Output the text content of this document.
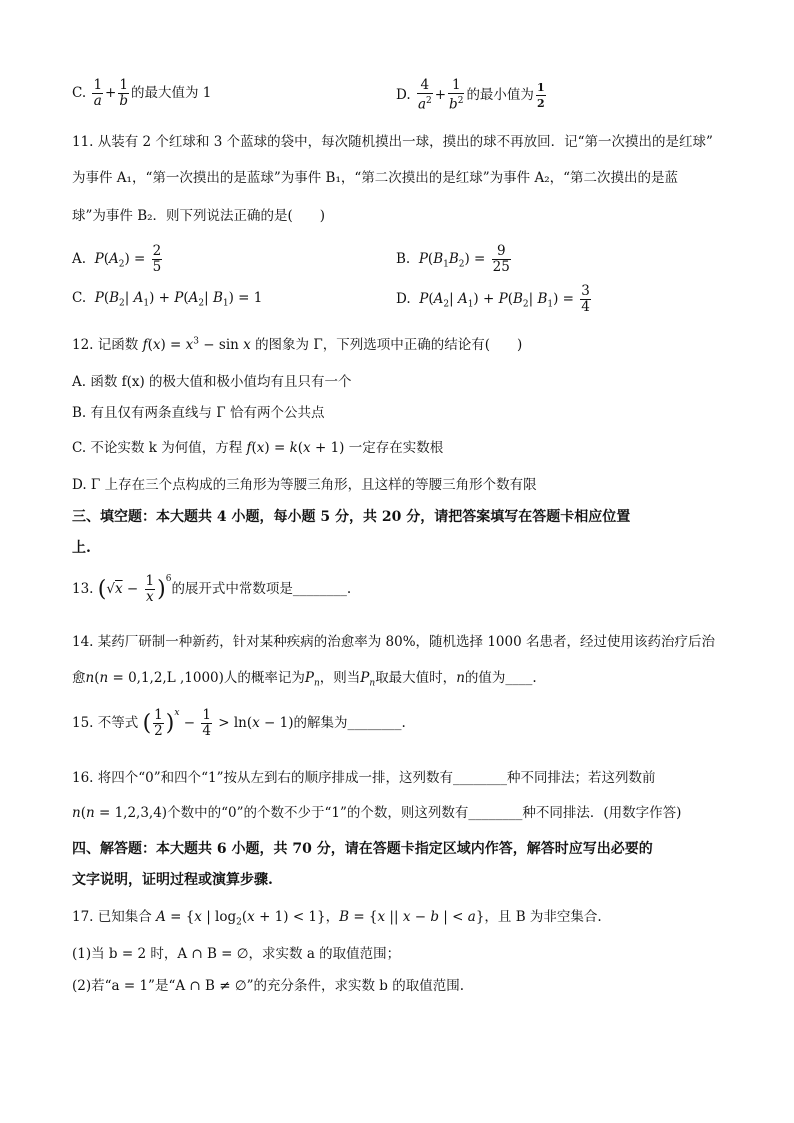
C. $\frac{1}{a} + \frac{1}{b}$ 的最大值为 1	D. $\frac{4}{a^2} + \frac{1}{b^2}$ 的最小值为 $\frac{1}{2}$
11. 从装有 2 个红球和 3 个蓝球的袋中，每次随机摸出一球，摸出的球不再放回．记“第一次摸出的是红球”
为事件 A₁，“第一次摸出的是蓝球”为事件 B₁，“第二次摸出的是红球”为事件 A₂，“第二次摸出的是蓝
球”为事件 B₂．则下列说法正确的是(　　)
A. $P(A_2) = \frac{2}{5}$	B. $P(B_1B_2) = \frac{9}{25}$
C. $P(B_2|$ $A_1) + P(A_2|$ $B_1) = 1$	D. $P(A_2|$ $A_1) + P(B_2|$ $B_1) = \frac{3}{4}$
12. 记函数 $f(x) = x^3 - \sin x$ 的图象为 Γ，下列选项中正确的结论有(　　)
A. 函数 f(x) 的极大值和极小值均有且只有一个
B. 有且仅有两条直线与 Γ 恰有两个公共点
C. 不论实数 k 为何值，方程 f(x) = k(x + 1) 一定存在实数根
D. Γ 上存在三个点构成的三角形为等腰三角形，且这样的等腰三角形个数有限
三、填空题：本大题共 4 小题，每小题 5 分，共 20 分，请把答案填写在答题卡相应位置
上.
13. $(√x - \frac{1}{x} )^6$的展开式中常数项是________.
14. 某药厂研制一种新药，针对某种疾病的治愈率为 80%，随机选择 1000 名患者，经过使用该药治疗后治
愈n(n = 0,1,2,L ,1000)人的概率记为$P_n$，则当$P_n$取最大值时，n的值为____.
15. 不等式 ( $\frac{1}{2} )^x - \frac{1}{4} > \ln(x - 1)$的解集为________.
16. 将四个“0”和四个“1”按从左到右的顺序排成一排，这列数有________种不同排法；若这列数前
n(n = 1,2,3,4)个数中的“0”的个数不少于“1”的个数，则这列数有________种不同排法．(用数字作答)
四、解答题：本大题共 6 小题，共 70 分，请在答题卡指定区域内作答，解答时应写出必要的
文字说明，证明过程或演算步骤.
17. 已知集合 A = {x | $\log_2(x + 1) < 1$}，B = {x || x − b | < a}，且 B 为非空集合.
(1)当 b = 2 时，A ∩ B = ∅，求实数 a 的取值范围；
(2)若“a = 1”是“A ∩ B ≠ ∅”的充分条件，求实数 b 的取值范围.
